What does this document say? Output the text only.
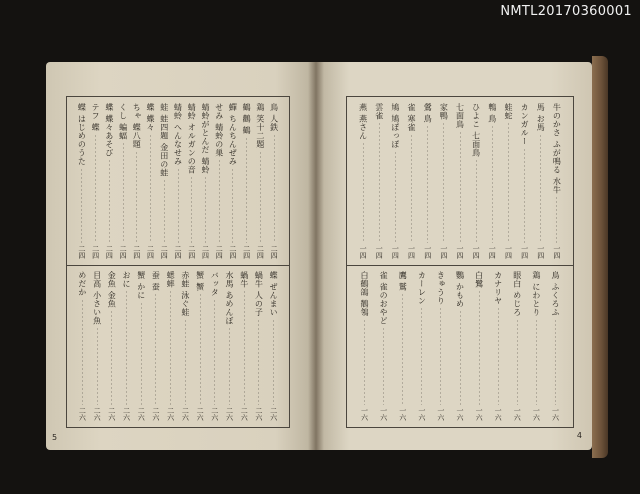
NMTL20170360001
鳥 人鉄
二四
鶏 笑十二題
二四
鶴 鸛 鶴
二四
蟬 ちんちんぜみ
二四
せみ 蜻蛉の巣
二四
蜻蛉がとんだ 蜻蛉
二四
蜻蛉 オルガンの音
二四
蜻蛉 へんなせみ
二四
蛙 蛙四題 金田の蛙
二四
蝶 蝶々
二四
ちゃ 蝶八題
二四
くし 蝙蝠
二四
蝶 蝶々あそび
二四
テフ 蝶
二四
蝶 はじめのうた
二四
蝶 ぜんまい
二六
蝸牛 人の子
二六
蝸牛
二六
水馬 あめんぼ
二六
バッタ
二六
蟹 蟹
二六
赤蛙 泳ぐ蛙
二六
蟋蟀
二六
蚕 蚕
二六
蟹 かに
二六
おに
二六
金魚 金魚
二六
目高 小さい魚
二六
めだか
二六
5
牛のかさ ふが鳴る 水牛
一四
馬 お馬
一四
カンガルー
一四
蛙蛇
一四
鵯 鳥
一四
ひよこ 七面鳥
一四
七面鳥
一四
家鴨
一四
鶯 鳥
一四
雀 寒雀
一四
鳩 鳩ぽっぽ
一四
雲雀
一四
燕 燕さん
一四
鳥 ふくろふ
一六
鶏 にわとり
一六
眼白 めじろ
一六
カナリヤ
一六
白鷺
一六
鸚 かもめ
一六
きゅうり
一六
カーレン
一六
鷹 鷲
一六
雀 雀のおやど
一六
白鶴鴿 鶺鴒
一六
4
